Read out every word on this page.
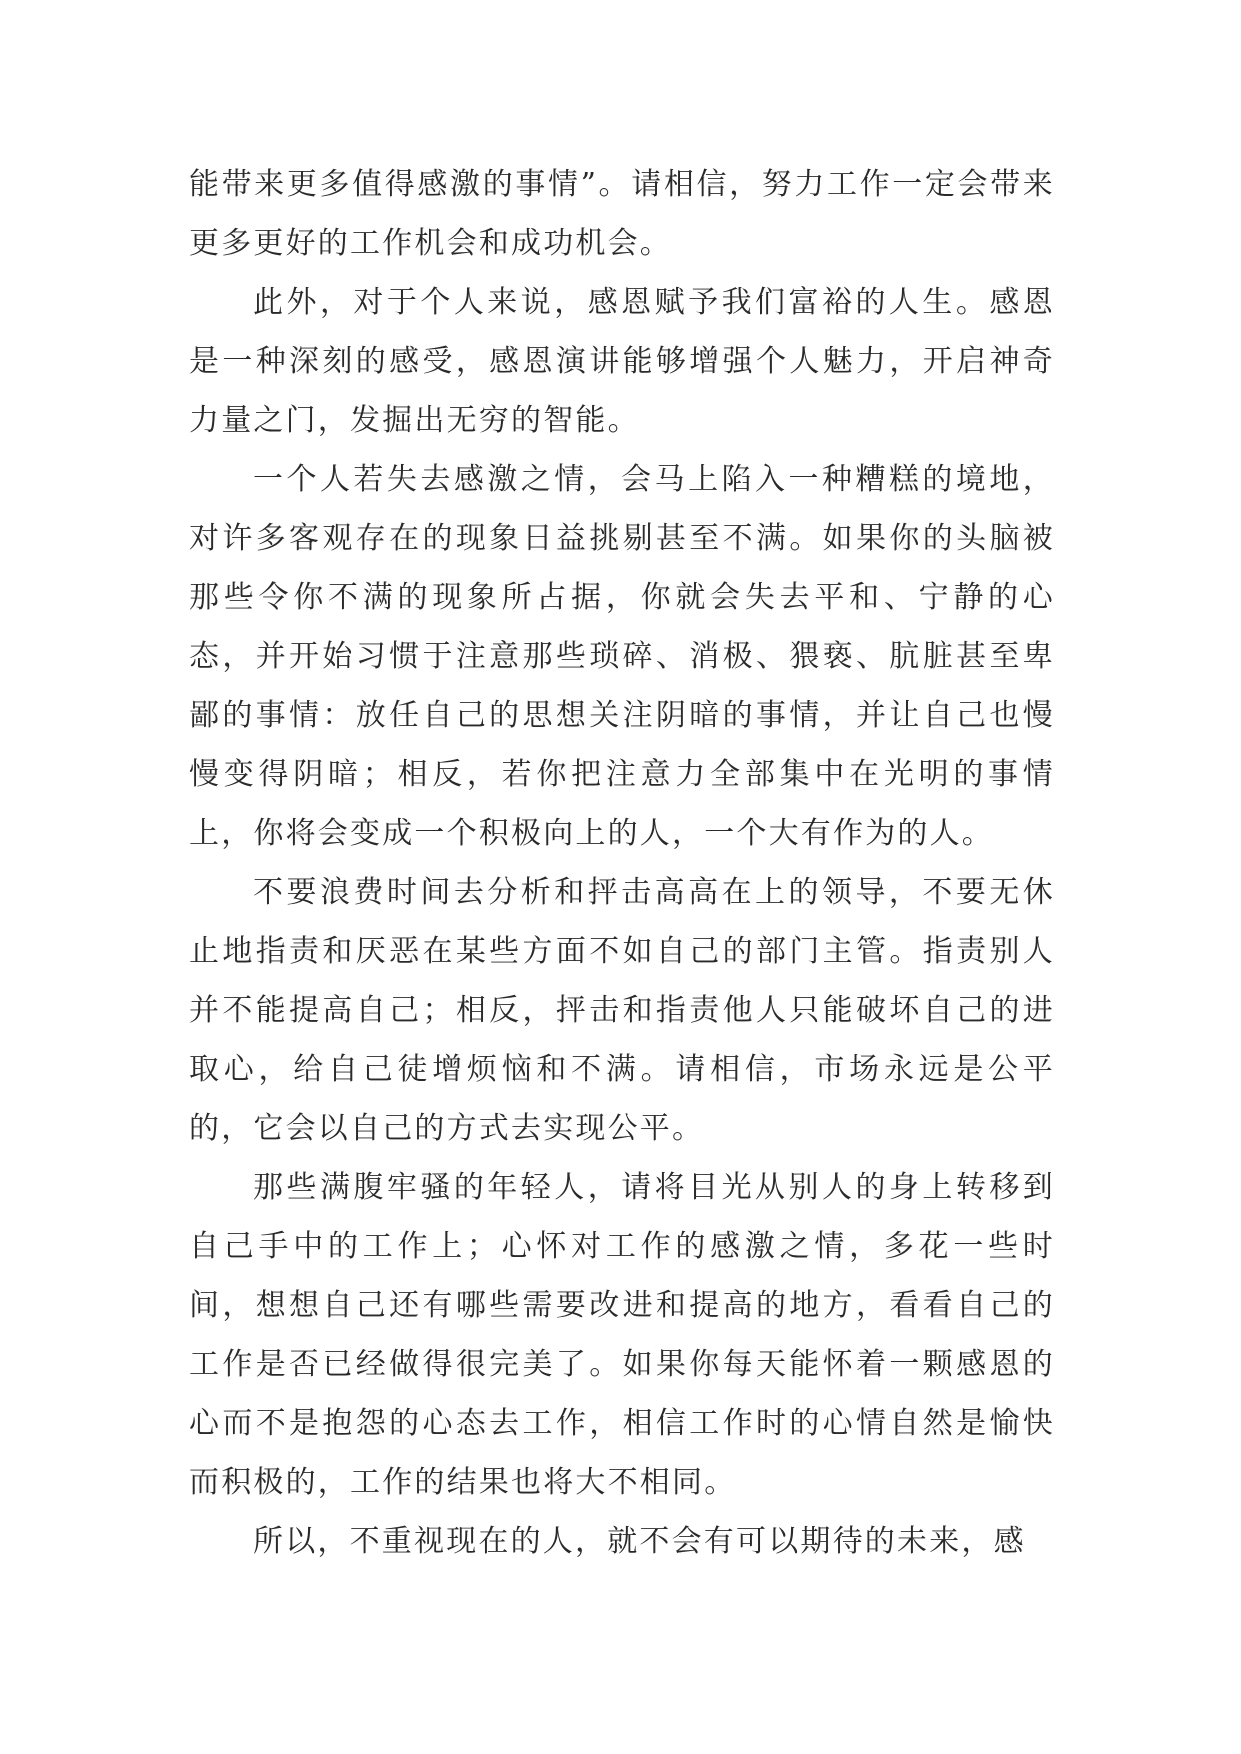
能带来更多值得感激的事情”。请相信，努力工作一定会带来更多更好的工作机会和成功机会。

此外，对于个人来说，感恩赋予我们富裕的人生。感恩是一种深刻的感受，感恩演讲能够增强个人魅力，开启神奇力量之门，发掘出无穷的智能。

一个人若失去感激之情，会马上陷入一种糟糕的境地，对许多客观存在的现象日益挑剔甚至不满。如果你的头脑被那些令你不满的现象所占据，你就会失去平和、宁静的心态，并开始习惯于注意那些琐碎、消极、猥亵、肮脏甚至卑鄙的事情：放任自己的思想关注阴暗的事情，并让自己也慢慢变得阴暗；相反，若你把注意力全部集中在光明的事情上，你将会变成一个积极向上的人，一个大有作为的人。

不要浪费时间去分析和抨击高高在上的领导，不要无休止地指责和厌恶在某些方面不如自己的部门主管。指责别人并不能提高自己；相反，抨击和指责他人只能破坏自己的进取心，给自己徒增烦恼和不满。请相信，市场永远是公平的，它会以自己的方式去实现公平。

那些满腹牢骚的年轻人，请将目光从别人的身上转移到自己手中的工作上；心怀对工作的感激之情，多花一些时间，想想自己还有哪些需要改进和提高的地方，看看自己的工作是否已经做得很完美了。如果你每天能怀着一颗感恩的心而不是抱怨的心态去工作，相信工作时的心情自然是愉快而积极的，工作的结果也将大不相同。

所以，不重视现在的人，就不会有可以期待的未来，感
